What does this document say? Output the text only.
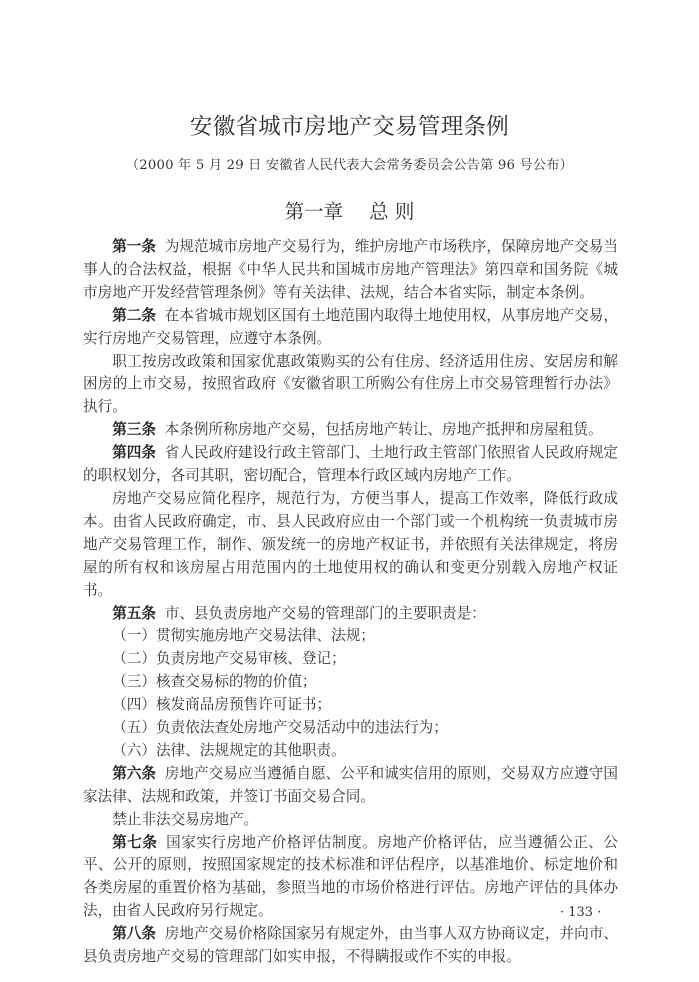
安徽省城市房地产交易管理条例
（2000 年 5 月 29 日 安徽省人民代表大会常务委员会公告第 96 号公布）
第一章 总 则

第一条 为规范城市房地产交易行为，维护房地产市场秩序，保障房地产交易当事人的合法权益，根据《中华人民共和国城市房地产管理法》第四章和国务院《城市房地产开发经营管理条例》等有关法律、法规，结合本省实际，制定本条例。

第二条 在本省城市规划区国有土地范围内取得土地使用权，从事房地产交易，实行房地产交易管理，应遵守本条例。

职工按房改政策和国家优惠政策购买的公有住房、经济适用住房、安居房和解困房的上市交易，按照省政府《安徽省职工所购公有住房上市交易管理暂行办法》执行。

第三条 本条例所称房地产交易，包括房地产转让、房地产抵押和房屋租赁。

第四条 省人民政府建设行政主管部门、土地行政主管部门依照省人民政府规定的职权划分，各司其职，密切配合，管理本行政区域内房地产工作。

房地产交易应简化程序，规范行为，方便当事人，提高工作效率，降低行政成本。由省人民政府确定，市、县人民政府应由一个部门或一个机构统一负责城市房地产交易管理工作，制作、颁发统一的房地产权证书，并依照有关法律规定，将房屋的所有权和该房屋占用范围内的土地使用权的确认和变更分别载入房地产权证书。

第五条 市、县负责房地产交易的管理部门的主要职责是：

（一）贯彻实施房地产交易法律、法规；

（二）负责房地产交易审核、登记；

（三）核查交易标的物的价值；

（四）核发商品房预售许可证书；

（五）负责依法查处房地产交易活动中的违法行为；

（六）法律、法规规定的其他职责。

第六条 房地产交易应当遵循自愿、公平和诚实信用的原则，交易双方应遵守国家法律、法规和政策，并签订书面交易合同。

禁止非法交易房地产。

第七条 国家实行房地产价格评估制度。房地产价格评估，应当遵循公正、公平、公开的原则，按照国家规定的技术标准和评估程序，以基准地价、标定地价和各类房屋的重置价格为基础，参照当地的市场价格进行评估。房地产评估的具体办法，由省人民政府另行规定。

第八条 房地产交易价格除国家另有规定外，由当事人双方协商议定，并向市、县负责房地产交易的管理部门如实申报，不得瞒报或作不实的申报。

· 133 ·
